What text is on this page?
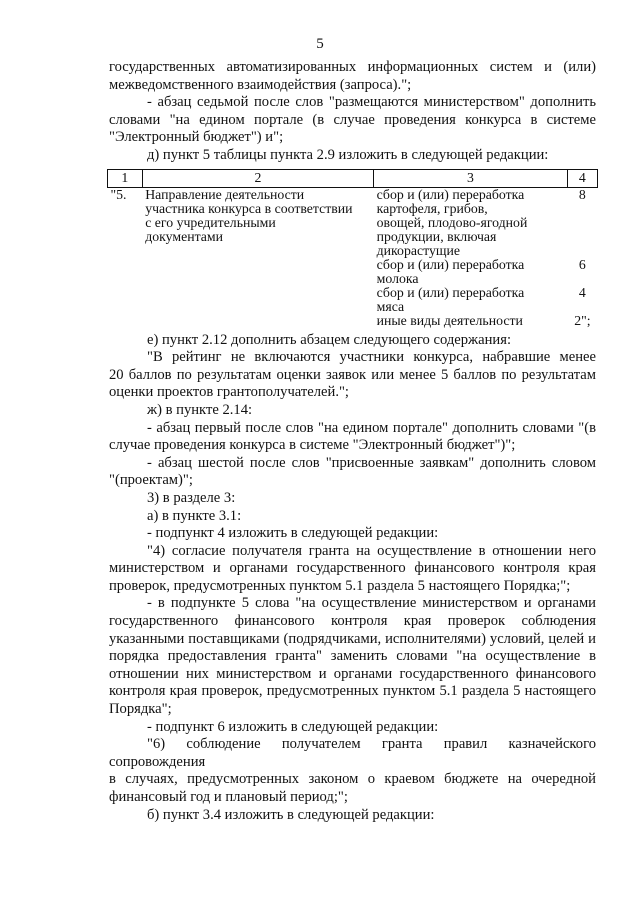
5

государственных автоматизированных информационных систем и (или)
межведомственного взаимодействия (запроса).";

- абзац седьмой после слов "размещаются министерством" дополнить
словами "на едином портале (в случае проведения конкурса в системе
"Электронный бюджет") и";

д) пункт 5 таблицы пункта 2.9 изложить в следующей редакции:

1	2	3	4
"5.	Направление деятельности
участника конкурса в соответствии
с его учредительными
документами	сбор и (или) переработка
картофеля, грибов,
овощей, плодово-ягодной
продукции, включая
дикорастущие	8

		сбор и (или) переработка
молока	6

		сбор и (или) переработка
мяса	4

		иные виды деятельности	2";

е) пункт 2.12 дополнить абзацем следующего содержания:

"В рейтинг не включаются участники конкурса, набравшие менее
20 баллов по результатам оценки заявок или менее 5 баллов по результатам
оценки проектов грантополучателей.";

ж) в пункте 2.14:

- абзац первый после слов "на едином портале" дополнить словами "(в
случае проведения конкурса в системе "Электронный бюджет")";

- абзац шестой после слов "присвоенные заявкам" дополнить словом
"(проектам)";

3) в разделе 3:

а) в пункте 3.1:

- подпункт 4 изложить в следующей редакции:

"4) согласие получателя гранта на осуществление в отношении него
министерством и органами государственного финансового контроля края
проверок, предусмотренных пунктом 5.1 раздела 5 настоящего Порядка;";

- в подпункте 5 слова "на осуществление министерством и органами
государственного финансового контроля края проверок соблюдения
указанными поставщиками (подрядчиками, исполнителями) условий, целей и
порядка предоставления гранта" заменить словами "на осуществление в
отношении них министерством и органами государственного финансового
контроля края проверок, предусмотренных пунктом 5.1 раздела 5 настоящего
Порядка";

- подпункт 6 изложить в следующей редакции:

"6) соблюдение получателем гранта правил казначейского сопровождения
в случаях, предусмотренных законом о краевом бюджете на очередной
финансовый год и плановый период;";

б) пункт 3.4 изложить в следующей редакции:
